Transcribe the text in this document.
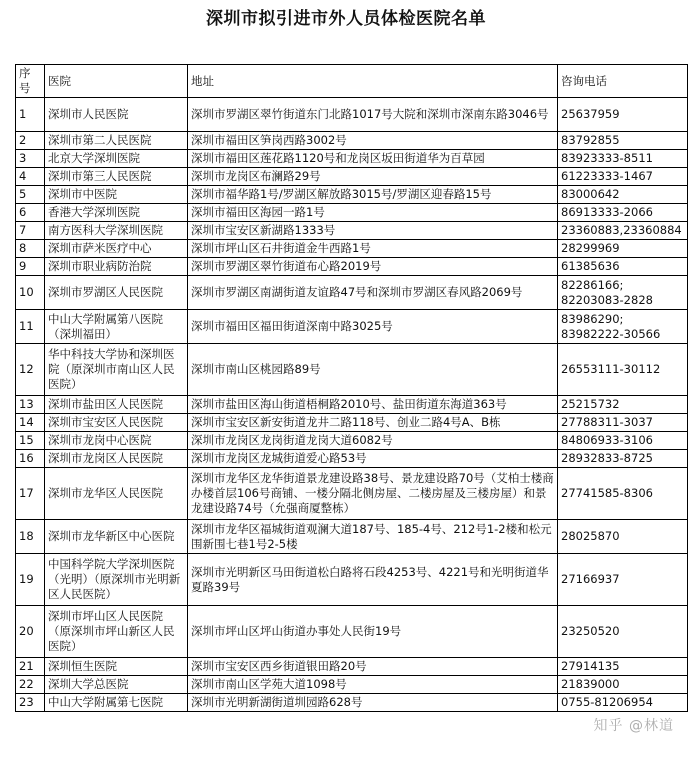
深圳市拟引进市外人员体检医院名单
序号	医院	地址	咨询电话
1	深圳市人民医院	深圳市罗湖区翠竹街道东门北路1017号大院和深圳市深南东路3046号	25637959
2	深圳市第二人民医院	深圳市福田区笋岗西路3002号	83792855
3	北京大学深圳医院	深圳市福田区莲花路1120号和龙岗区坂田街道华为百草园	83923333-8511
4	深圳市第三人民医院	深圳市龙岗区布澜路29号	61223333-1467
5	深圳市中医院	深圳市福华路1号/罗湖区解放路3015号/罗湖区迎春路15号	83000642
6	香港大学深圳医院	深圳市福田区海园一路1号	86913333-2066
7	南方医科大学深圳医院	深圳市宝安区新湖路1333号	23360883,23360884
8	深圳市萨米医疗中心	深圳市坪山区石井街道金牛西路1号	28299969
9	深圳市职业病防治院	深圳市罗湖区翠竹街道布心路2019号	61385636
10	深圳市罗湖区人民医院	深圳市罗湖区南湖街道友谊路47号和深圳市罗湖区春风路2069号	82286166;
82203083-2828
11	中山大学附属第八医院（深圳福田）	深圳市福田区福田街道深南中路3025号	83986290;
83982222-30566
12	华中科技大学协和深圳医院（原深圳市南山区人民医院）	深圳市南山区桃园路89号	26553111-30112
13	深圳市盐田区人民医院	深圳市盐田区海山街道梧桐路2010号、盐田街道东海道363号	25215732
14	深圳市宝安区人民医院	深圳市宝安区新安街道龙井二路118号、创业二路4号A、B栋	27788311-3037
15	深圳市龙岗中心医院	深圳市龙岗区龙岗街道龙岗大道6082号	84806933-3106
16	深圳市龙岗区人民医院	深圳市龙岗区龙城街道爱心路53号	28932833-8725
17	深圳市龙华区人民医院	深圳市龙华区龙华街道景龙建设路38号、景龙建设路70号（艾柏士楼商办楼首层106号商铺、一楼分隔北侧房屋、二楼房屋及三楼房屋）和景龙建设路74号（允强商厦整栋）	27741585-8306
18	深圳市龙华新区中心医院	深圳市龙华区福城街道观澜大道187号、185-4号、212号1-2楼和松元围新围七巷1号2-5楼	28025870
19	中国科学院大学深圳医院（光明）（原深圳市光明新区人民医院）	深圳市光明新区马田街道松白路将石段4253号、4221号和光明街道华夏路39号	27166937
20	深圳市坪山区人民医院（原深圳市坪山新区人民医院）	深圳市坪山区坪山街道办事处人民街19号	23250520
21	深圳恒生医院	深圳市宝安区西乡街道银田路20号	27914135
22	深圳大学总医院	深圳市南山区学苑大道1098号	21839000
23	中山大学附属第七医院	深圳市光明新湖街道圳园路628号	0755-81206954
知乎 @林道
